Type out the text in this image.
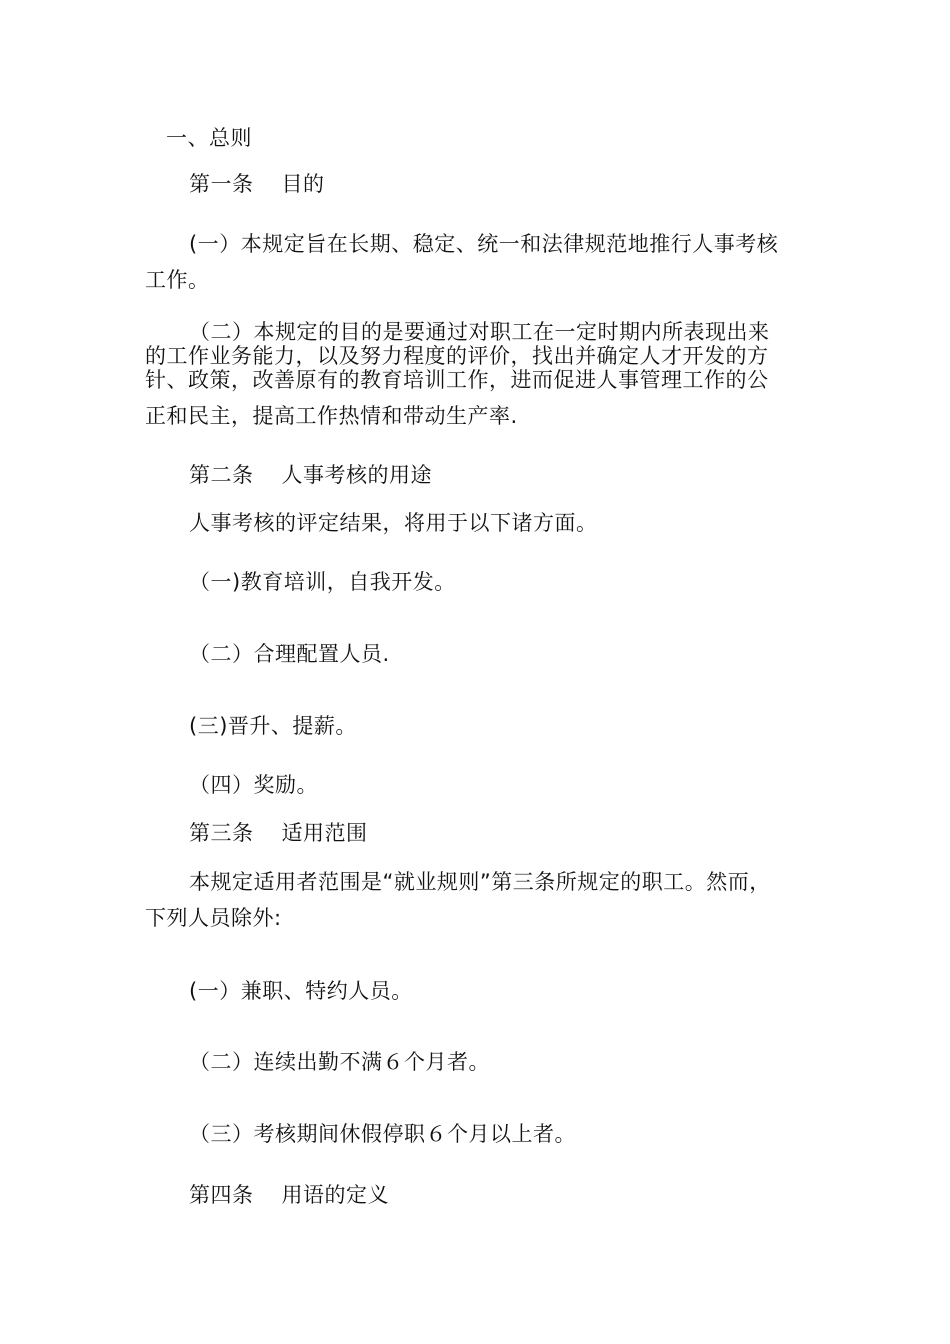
一、总则
第一条 目的
(一）本规定旨在长期、稳定、统一和法律规范地推行人事考核
工作。
（二）本规定的目的是要通过对职工在一定时期内所表现出来
的工作业务能力，以及努力程度的评价，找出并确定人才开发的方
针、政策，改善原有的教育培训工作，进而促进人事管理工作的公
正和民主，提高工作热情和带动生产率.
第二条 人事考核的用途
人事考核的评定结果，将用于以下诸方面。
（一)教育培训，自我开发。
（二）合理配置人员.
(三)晋升、提薪。
（四）奖励。
第三条 适用范围
本规定适用者范围是“就业规则”第三条所规定的职工。然而，
下列人员除外:
(一）兼职、特约人员。
（二）连续出勤不满６个月者。
（三）考核期间休假停职６个月以上者。
第四条 用语的定义
